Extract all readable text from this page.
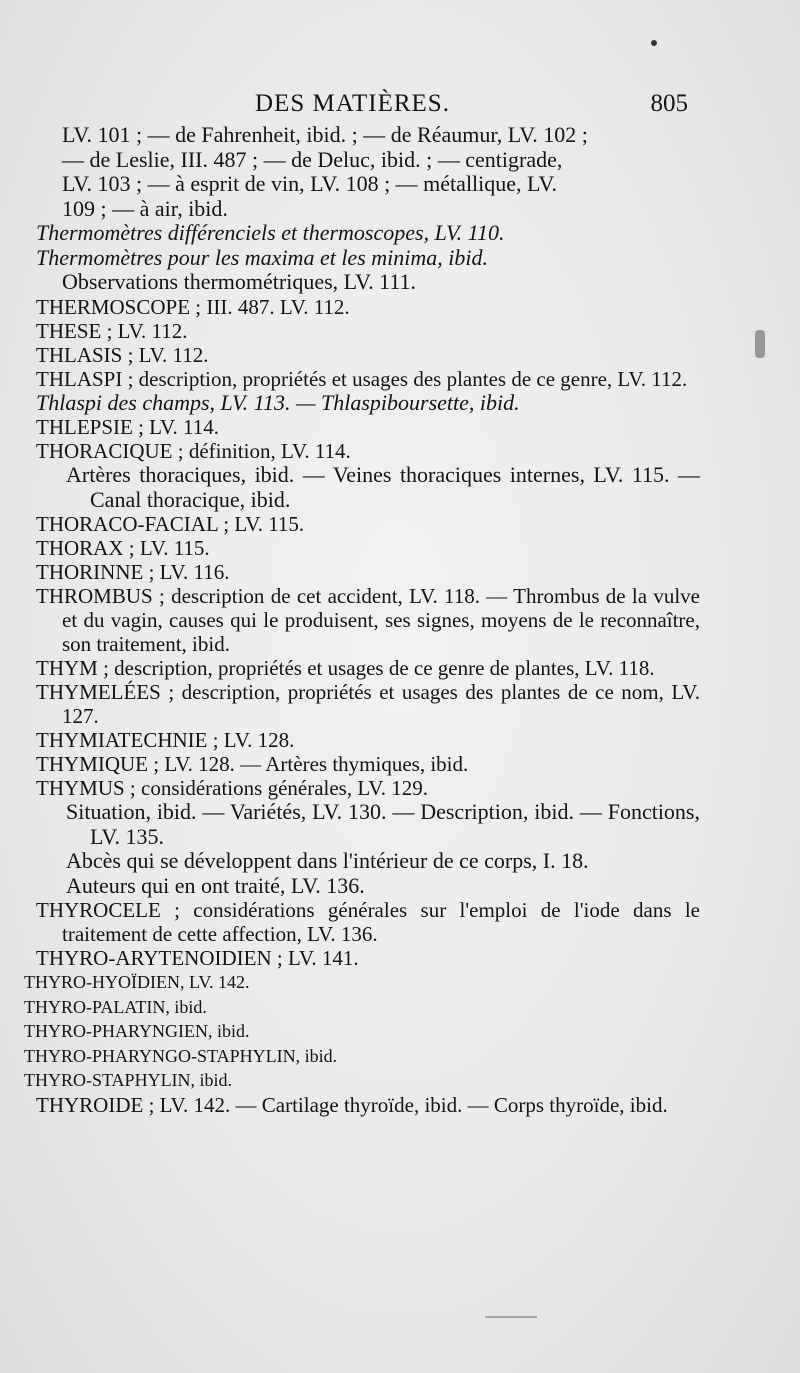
DES MATIÈRES.	805

LV. 101 ; — de Fahrenheit, ibid. ; — de Réaumur, LV. 102 ;

— de Leslie, III. 487 ; — de Deluc, ibid. ; — centigrade,

LV. 103 ; — à esprit de vin, LV. 108 ; — métallique, LV.

109 ; — à air, ibid.

Thermomètres différenciels et thermoscopes, LV. 110.

Thermomètres pour les maxima et les minima, ibid.

Observations thermométriques, LV. 111.

THERMOSCOPE ; III. 487. LV. 112.

THESE ; LV. 112.

THLASIS ; LV. 112.

THLASPI ; description, propriétés et usages des plantes de ce genre, LV. 112.

Thlaspi des champs, LV. 113. — Thlaspiboursette, ibid.

THLEPSIE ; LV. 114.

THORACIQUE ; définition, LV. 114.

Artères thoraciques, ibid. — Veines thoraciques internes, LV. 115. — Canal thoracique, ibid.

THORACO-FACIAL ; LV. 115.

THORAX ; LV. 115.

THORINNE ; LV. 116.

THROMBUS ; description de cet accident, LV. 118. — Thrombus de la vulve et du vagin, causes qui le produisent, ses signes, moyens de le reconnaître, son traitement, ibid.

THYM ; description, propriétés et usages de ce genre de plantes, LV. 118.

THYMELÉES ; description, propriétés et usages des plantes de ce nom, LV. 127.

THYMIATECHNIE ; LV. 128.

THYMIQUE ; LV. 128. — Artères thymiques, ibid.

THYMUS ; considérations générales, LV. 129.

Situation, ibid. — Variétés, LV. 130. — Description, ibid. — Fonctions, LV. 135.

Abcès qui se développent dans l'intérieur de ce corps, I. 18.

Auteurs qui en ont traité, LV. 136.

THYROCELE ; considérations générales sur l'emploi de l'iode dans le traitement de cette affection, LV. 136.

THYRO-ARYTENOIDIEN ; LV. 141.

THYRO-HYOÏDIEN, LV. 142.

THYRO-PALATIN, ibid.

THYRO-PHARYNGIEN, ibid.

THYRO-PHARYNGO-STAPHYLIN, ibid.

THYRO-STAPHYLIN, ibid.

THYROIDE ; LV. 142. — Cartilage thyroïde, ibid. — Corps thyroïde, ibid.
